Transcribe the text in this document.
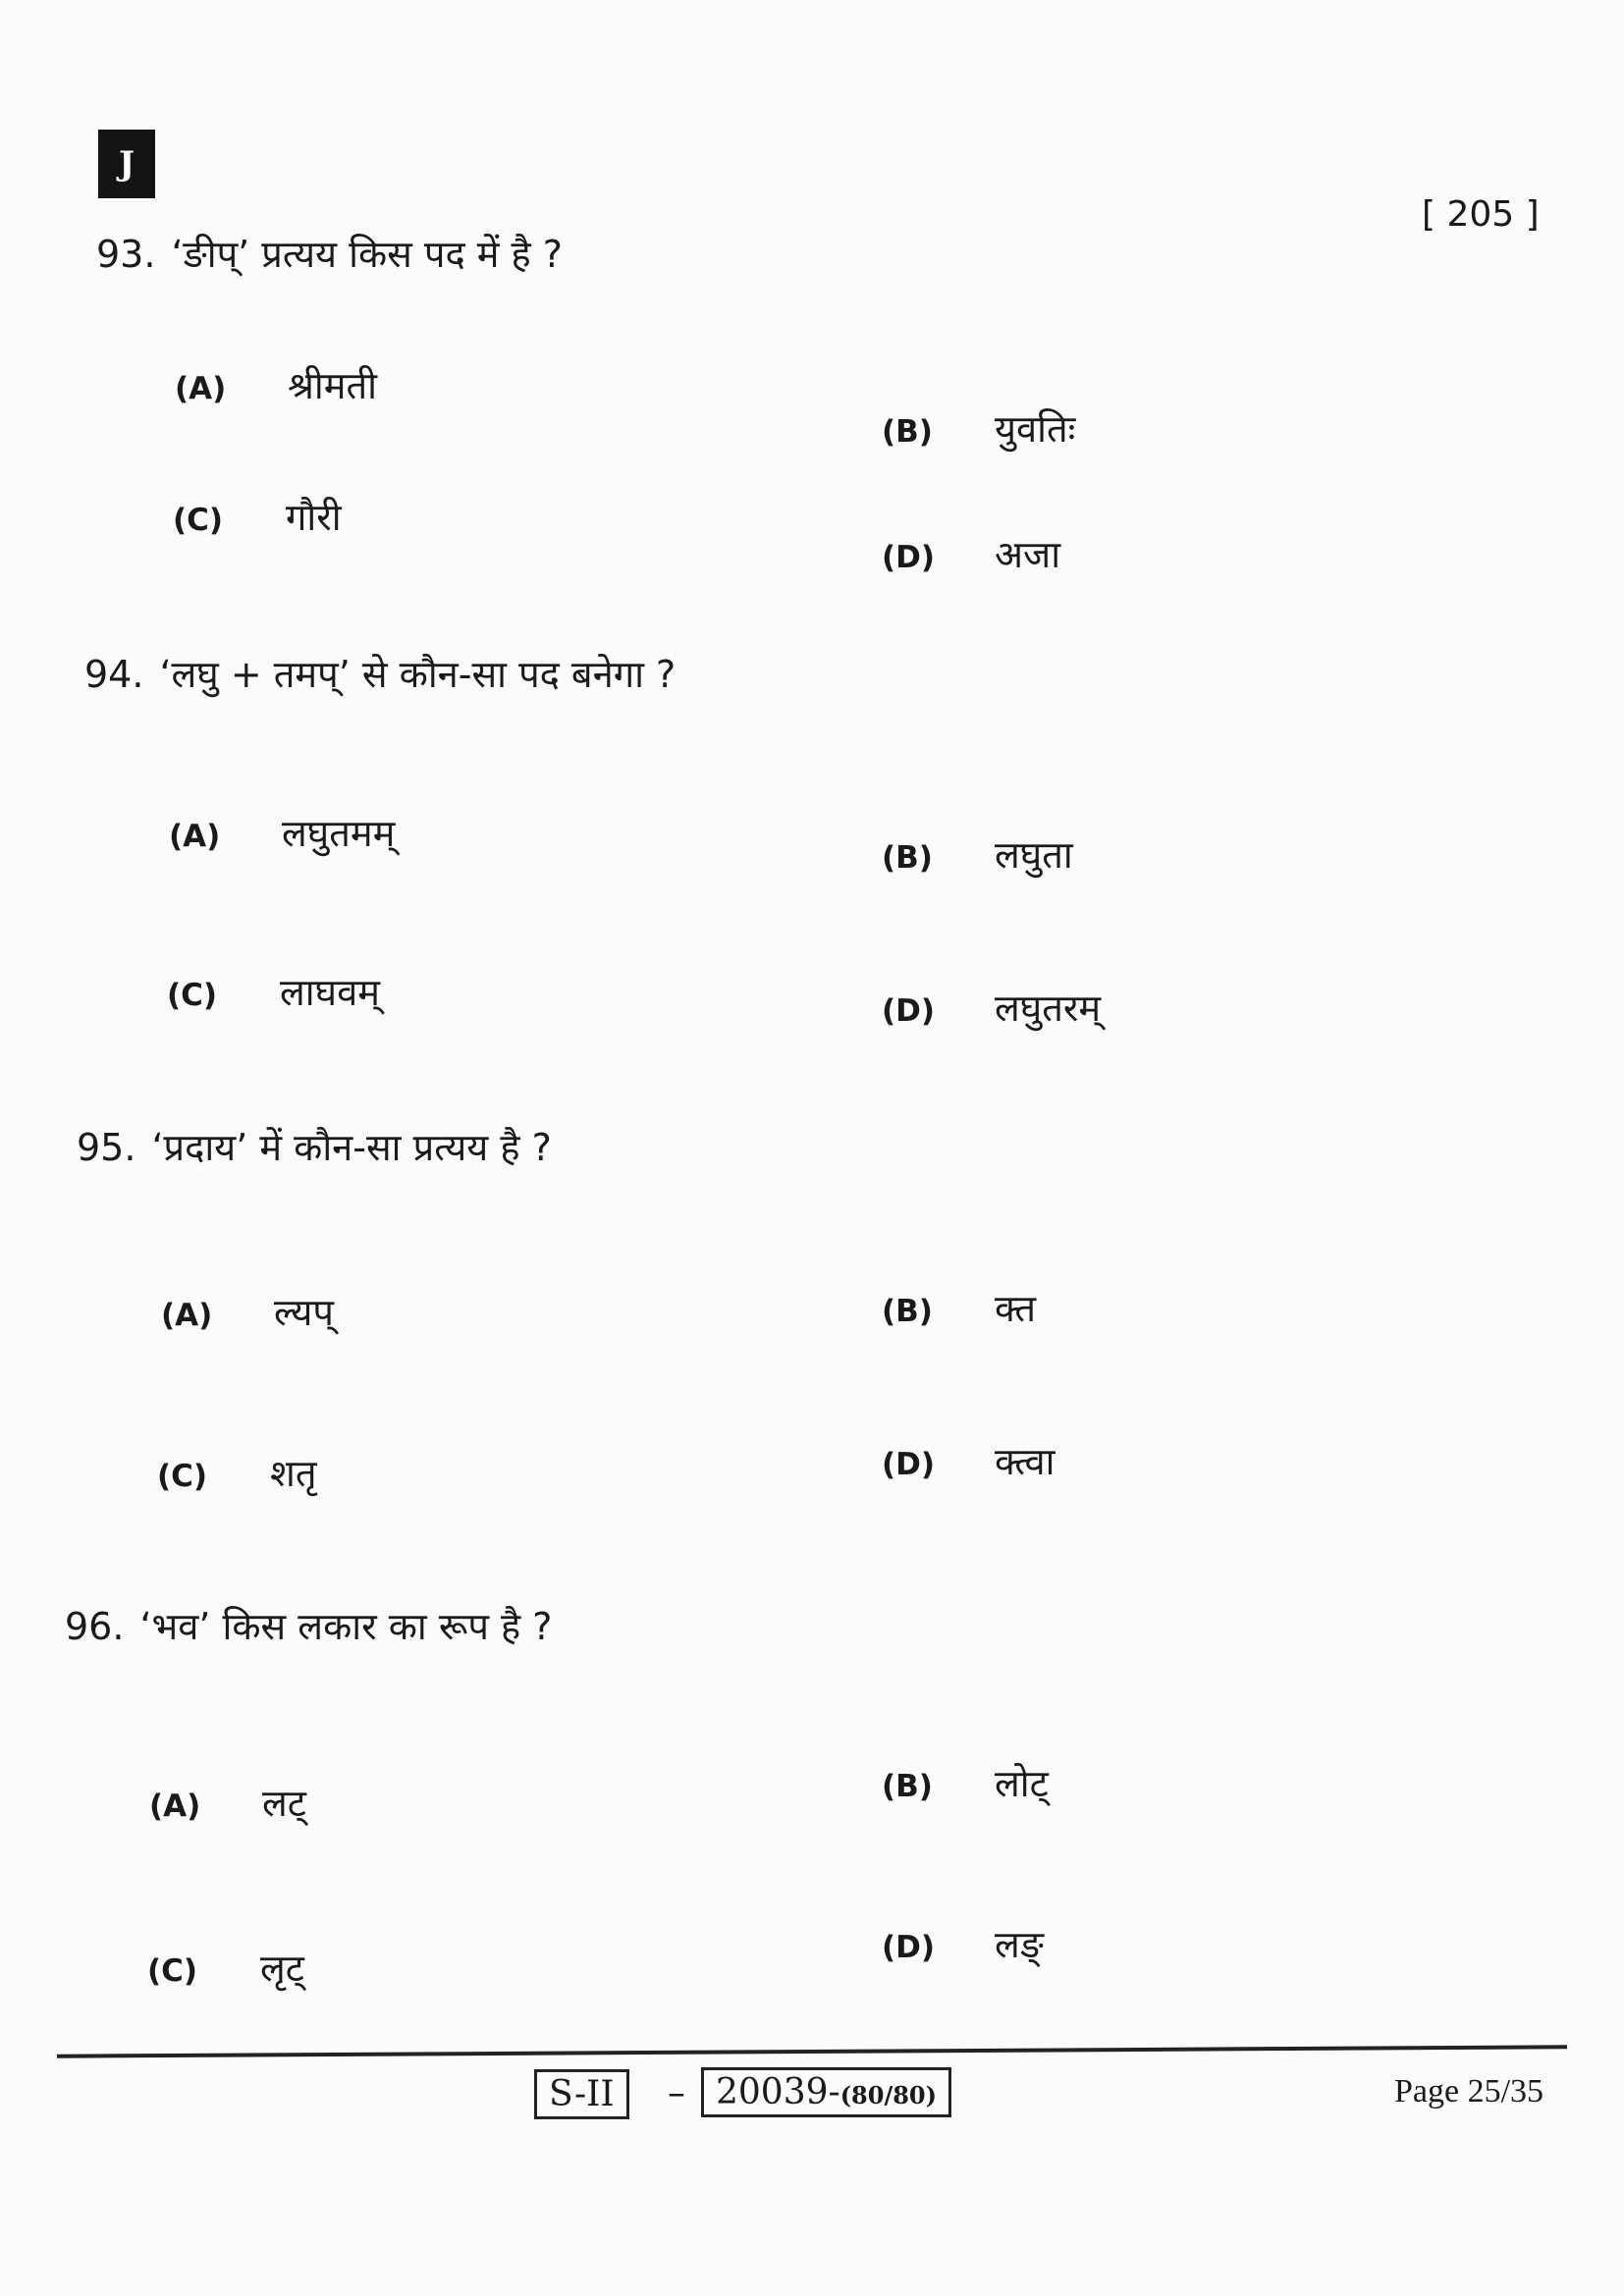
J
[ 205 ]
93. ‘ङीप्’ प्रत्यय किस पद में है ?
(A) श्रीमती
(B) युवतिः
(C) गौरी
(D) अजा
94. ‘लघु + तमप्’ से कौन-सा पद बनेगा ?
(A) लघुतमम्
(B) लघुता
(C) लाघवम्	(D) लघुतरम्
95. ‘प्रदाय’ में कौन-सा प्रत्यय है ?
(A) ल्यप्	(B) क्त
(C) शतृ	(D) क्त्वा
96. ‘भव’ किस लकार का रूप है ?
(A) लट्	(B) लोट्
(C) लृट्	(D) लङ्
S-II	– 20039-(80/80)	Page 25/35
